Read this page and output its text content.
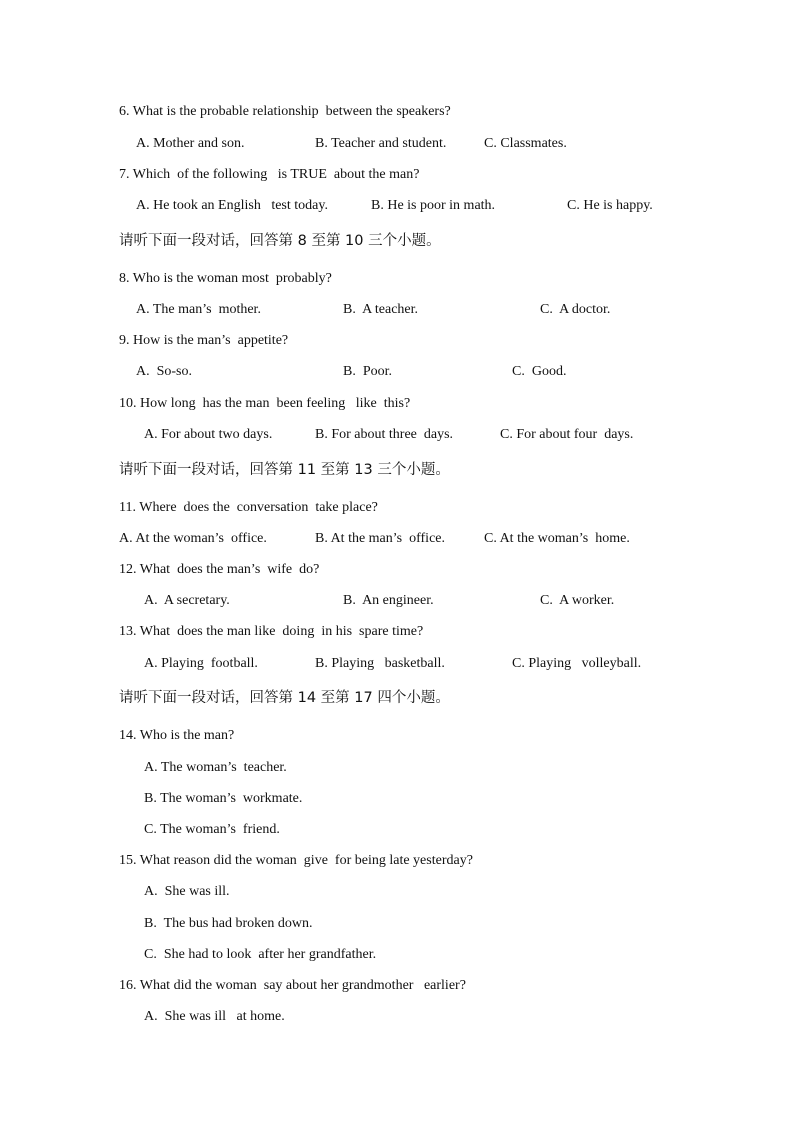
6. What is the probable relationship  between the speakers?
A. Mother and son.	B. Teacher and student.	C. Classmates.
7. Which  of the following   is TRUE  about the man?
A. He took an English   test today.	B. He is poor in math.	C. He is happy.
请听下面一段对话，回答第 8 至第 10 三个小题。
8. Who is the woman most  probably?
A. The man’s  mother.	B.  A teacher.	C.  A doctor.
9. How is the man’s  appetite?
A.  So-so.	B.  Poor.	C.  Good.
10. How long  has the man  been feeling   like  this?
A. For about two days.	B. For about three  days.	C. For about four  days.
请听下面一段对话，回答第 11 至第 13 三个小题。
11. Where  does the  conversation  take place?
A. At the woman’s  office.	B. At the man’s  office.	C. At the woman’s  home.
12. What  does the man’s  wife  do?
A.  A secretary.	B.  An engineer.	C.  A worker.
13. What  does the man like  doing  in his  spare time?
A. Playing  football.	B. Playing   basketball.	C. Playing   volleyball.
请听下面一段对话，回答第 14 至第 17 四个小题。
14. Who is the man?
A. The woman’s  teacher.
B. The woman’s  workmate.
C. The woman’s  friend.
15. What reason did the woman  give  for being late yesterday?
A.  She was ill.
B.  The bus had broken down.
C.  She had to look  after her grandfather.
16. What did the woman  say about her grandmother   earlier?
A.  She was ill   at home.
